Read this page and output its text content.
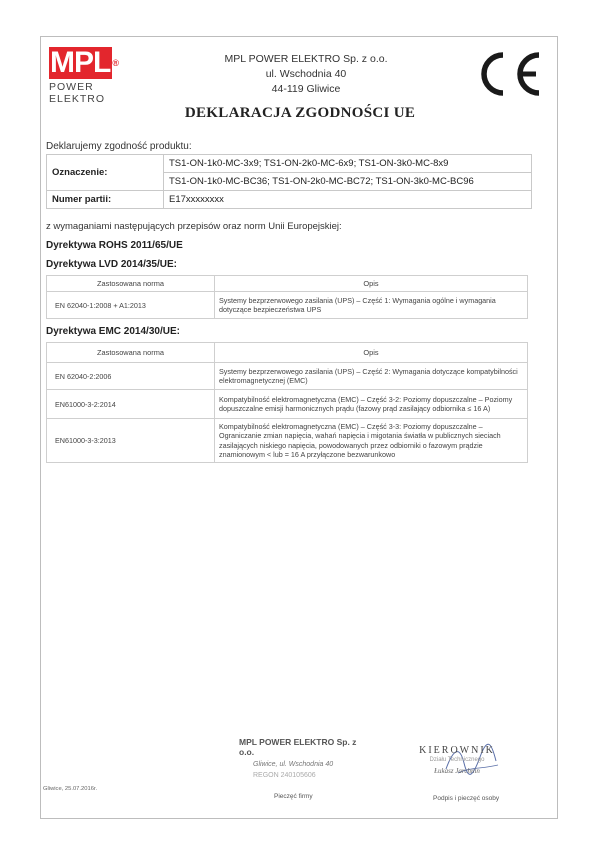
MPL ®
POWER ELEKTRO
MPL POWER ELEKTRO Sp. z o.o.
ul. Wschodnia 40
44-119 Gliwice
DEKLARACJA ZGODNOŚCI UE
Deklarujemy zgodność produktu:
Oznaczenie:	TS1-ON-1k0-MC-3x9; TS1-ON-2k0-MC-6x9; TS1-ON-3k0-MC-8x9
	TS1-ON-1k0-MC-BC36; TS1-ON-2k0-MC-BC72; TS1-ON-3k0-MC-BC96
Numer partii:	E17xxxxxxxx
z wymaganiami następujących przepisów oraz norm Unii Europejskiej:
Dyrektywa ROHS 2011/65/UE
Dyrektywa LVD 2014/35/UE:
Zastosowana norma	Opis
EN 62040-1:2008 + A1:2013	Systemy bezprzerwowego zasilania (UPS) – Część 1: Wymagania ogólne i wymagania dotyczące bezpieczeństwa UPS
Dyrektywa EMC 2014/30/UE:
Zastosowana norma	Opis
EN 62040-2:2006	Systemy bezprzerwowego zasilania (UPS) – Część 2: Wymagania dotyczące kompatybilności elektromagnetycznej (EMC)
EN61000-3-2:2014	Kompatybilność elektromagnetyczna (EMC) – Część 3-2: Poziomy dopuszczalne – Poziomy dopuszczalne emisji harmonicznych prądu (fazowy prąd zasilający odbiornika ≤ 16 A)
EN61000-3-3:2013	Kompatybilność elektromagnetyczna (EMC) – Część 3-3: Poziomy dopuszczalne – Ograniczanie zmian napięcia, wahań napięcia i migotania światła w publicznych sieciach zasilających niskiego napięcia, powodowanych przez odbiorniki o fazowym prądzie znamionowym < lub = 16 A przyłączone bezwarunkowo
MPL POWER ELEKTRO Sp. z o.o.
Gliwice, ul. Wschodnia 40
REGON 240105606
KIEROWNIK
Działu Technicznego
Łukasz Jarchnin
Pieczęć firmy	Podpis i pieczęć osoby
Gliwice, 25.07.2016r.
